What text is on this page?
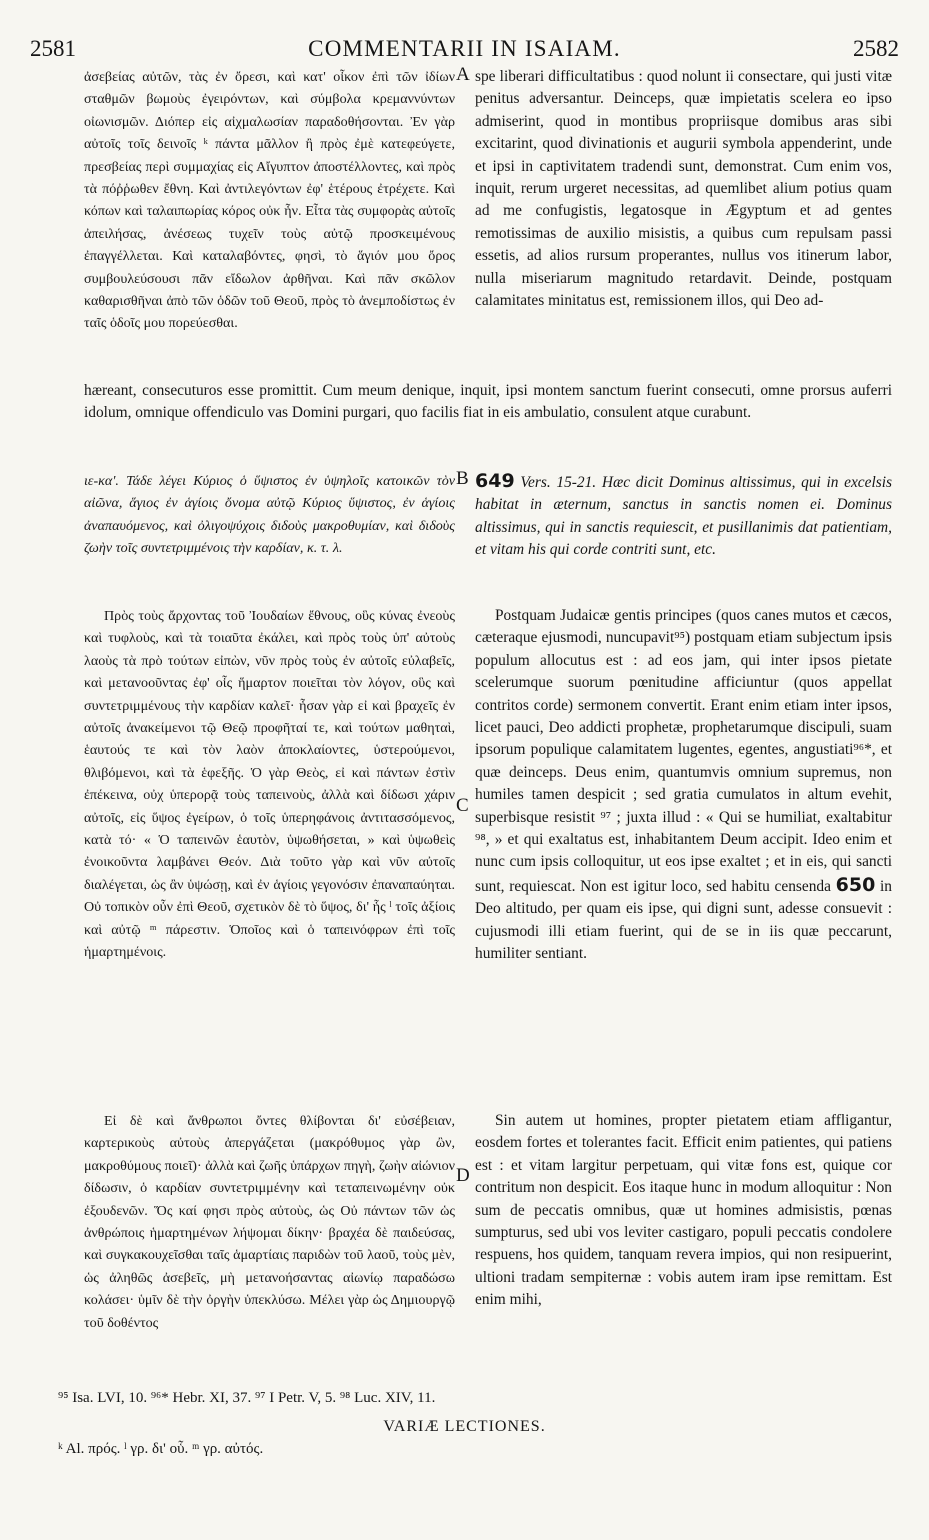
2581	COMMENTARII IN ISAIAM.	2582
A
B
C
D

ἀσεβείας αὐτῶν, τὰς ἐν ὄρεσι, καὶ κατ' οἶκον ἐπὶ τῶν ἰδίων σταθμῶν βωμοὺς ἐγειρόντων, καὶ σύμβολα κρεμαννύντων οἰωνισμῶν. Διόπερ εἰς αἰχμαλωσίαν παραδοθήσονται. Ἐν γὰρ αὐτοῖς τοῖς δεινοῖς ᵏ πάντα μᾶλλον ἢ πρὸς ἐμὲ κατεφεύγετε, πρεσβείας περὶ συμμαχίας εἰς Αἴγυπτον ἀποστέλλοντες, καὶ πρὸς τὰ πόῤῥωθεν ἔθνη. Καὶ ἀντιλεγόντων ἐφ' ἑτέρους ἐτρέχετε. Καὶ κόπων καὶ ταλαιπωρίας κόρος οὐκ ἦν. Εἶτα τὰς συμφορὰς αὐτοῖς ἀπειλήσας, ἀνέσεως τυχεῖν τοὺς αὐτῷ προσκειμένους ἐπαγγέλλεται. Καὶ καταλαβόντες, φησὶ, τὸ ἅγιόν μου ὄρος συμβουλεύσουσι πᾶν εἴδωλον ἀρθῆναι. Καὶ πᾶν σκῶλον καθαρισθῆναι ἀπὸ τῶν ὁδῶν τοῦ Θεοῦ, πρὸς τὸ ἀνεμποδίστως ἐν ταῖς ὁδοῖς μου πορεύεσθαι.

spe liberari difficultatibus : quod nolunt ii consectare, qui justi vitæ penitus adversantur. Deinceps, quæ impietatis scelera eo ipso admiserint, quod in montibus propriisque domibus aras sibi excitarint, quod divinationis et augurii symbola appenderint, unde et ipsi in captivitatem tradendi sunt, demonstrat. Cum enim vos, inquit, rerum urgeret necessitas, ad quemlibet alium potius quam ad me confugistis, legatosque in Ægyptum et ad gentes remotissimas de auxilio misistis, a quibus cum repulsam passi essetis, ad alios rursum properantes, nullus vos itinerum labor, nulla miseriarum magnitudo retardavit. Deinde, postquam calamitates minitatus est, remissionem illos, qui Deo ad-

hæreant, consecuturos esse promittit. Cum meum denique, inquit, ipsi montem sanctum fuerint consecuti, omne prorsus auferri idolum, omnique offendiculo vas Domini purgari, quo facilis fiat in eis ambulatio, consulent atque curabunt.

ιε-κα'. Τάδε λέγει Κύριος ὁ ὕψιστος ἐν ὑψηλοῖς κατοικῶν τὸν αἰῶνα, ἅγιος ἐν ἁγίοις ὄνομα αὐτῷ Κύριος ὕψιστος, ἐν ἁγίοις ἀναπαυόμενος, καὶ ὀλιγοψύχοις διδοὺς μακροθυμίαν, καὶ διδοὺς ζωὴν τοῖς συντετριμμένοις τὴν καρδίαν, κ. τ. λ.

649 Vers. 15-21. Hæc dicit Dominus altissimus, qui in excelsis habitat in æternum, sanctus in sanctis nomen ei. Dominus altissimus, qui in sanctis requiescit, et pusillanimis dat patientiam, et vitam his qui corde contriti sunt, etc.

Πρὸς τοὺς ἄρχοντας τοῦ Ἰουδαίων ἔθνους, οὓς κύνας ἐνεοὺς καὶ τυφλοὺς, καὶ τὰ τοιαῦτα ἐκάλει, καὶ πρὸς τοὺς ὑπ' αὐτοὺς λαοὺς τὰ πρὸ τούτων εἰπὼν, νῦν πρὸς τοὺς ἐν αὐτοῖς εὐλαβεῖς, καὶ μετανοοῦντας ἐφ' οἷς ἥμαρτον ποιεῖται τὸν λόγον, οὓς καὶ συντετριμμένους τὴν καρδίαν καλεῖ· ἦσαν γὰρ εἰ καὶ βραχεῖς ἐν αὐτοῖς ἀνακείμενοι τῷ Θεῷ προφῆταί τε, καὶ τούτων μαθηταὶ, ἑαυτούς τε καὶ τὸν λαὸν ἀποκλαίοντες, ὑστερούμενοι, θλιβόμενοι, καὶ τὰ ἑφεξῆς. Ὁ γὰρ Θεὸς, εἰ καὶ πάντων ἐστὶν ἐπέκεινα, οὐχ ὑπερορᾷ τοὺς ταπεινοὺς, ἀλλὰ καὶ δίδωσι χάριν αὐτοῖς, εἰς ὕψος ἐγείρων, ὁ τοῖς ὑπερηφάνοις ἀντιτασσόμενος, κατὰ τό· « Ὁ ταπεινῶν ἑαυτὸν, ὑψωθήσεται, » καὶ ὑψωθεὶς ἐνοικοῦντα λαμβάνει Θεόν. Διὰ τοῦτο γὰρ καὶ νῦν αὐτοῖς διαλέγεται, ὡς ἂν ὑψώσῃ, καὶ ἐν ἁγίοις γεγονόσιν ἐπαναπαύηται. Οὐ τοπικὸν οὖν ἐπὶ Θεοῦ, σχετικὸν δὲ τὸ ὕψος, δι' ἧς ˡ τοῖς ἀξίοις καὶ αὐτῷ ᵐ πάρεστιν. Ὁποῖος καὶ ὁ ταπεινόφρων ἐπὶ τοῖς ἡμαρτημένοις.

Postquam Judaicæ gentis principes (quos canes mutos et cæcos, cæteraque ejusmodi, nuncupavit⁹⁵) postquam etiam subjectum ipsis populum allocutus est : ad eos jam, qui inter ipsos pietate scelerumque suorum pœnitudine afficiuntur (quos appellat contritos corde) sermonem convertit. Erant enim etiam inter ipsos, licet pauci, Deo addicti prophetæ, prophetarumque discipuli, suam ipsorum populique calamitatem lugentes, egentes, angustiati⁹⁶*, et quæ deinceps. Deus enim, quantumvis omnium supremus, non humiles tamen despicit ; sed gratia cumulatos in altum evehit, superbisque resistit ⁹⁷ ; juxta illud : « Qui se humiliat, exaltabitur ⁹⁸, » et qui exaltatus est, inhabitantem Deum accipit. Ideo enim et nunc cum ipsis colloquitur, ut eos ipse exaltet ; et in eis, qui sancti sunt, requiescat. Non est igitur loco, sed habitu censenda 650 in Deo altitudo, per quam eis ipse, qui digni sunt, adesse consuevit : cujusmodi illi etiam fuerint, qui de se in iis quæ peccarunt, humiliter sentiant.

Εἰ δὲ καὶ ἄνθρωποι ὄντες θλίβονται δι' εὐσέβειαν, καρτερικοὺς αὐτοὺς ἀπεργάζεται (μακρόθυμος γὰρ ὢν, μακροθύμους ποιεῖ)· ἀλλὰ καὶ ζωῆς ὑπάρχων πηγὴ, ζωὴν αἰώνιον δίδωσιν, ὁ καρδίαν συντετριμμένην καὶ τεταπεινωμένην οὐκ ἐξουδενῶν. Ὅς καί φησι πρὸς αὐτοὺς, ὡς Οὐ πάντων τῶν ὡς ἀνθρώποις ἡμαρτημένων λήψομαι δίκην· βραχέα δὲ παιδεύσας, καὶ συγκακουχεῖσθαι ταῖς ἁμαρτίαις παριδὼν τοῦ λαοῦ, τοὺς μὲν, ὡς ἀληθῶς ἀσεβεῖς, μὴ μετανοήσαντας αἰωνίῳ παραδώσω κολάσει· ὑμῖν δὲ τὴν ὀργὴν ὑπεκλύσω. Μέλει γὰρ ὡς Δημιουργῷ τοῦ δοθέντος

Sin autem ut homines, propter pietatem etiam affligantur, eosdem fortes et tolerantes facit. Efficit enim patientes, qui patiens est : et vitam largitur perpetuam, qui vitæ fons est, quique cor contritum non despicit. Eos itaque hunc in modum alloquitur : Non sum de peccatis omnibus, quæ ut homines admisistis, pœnas sumpturus, sed ubi vos leviter castigaro, populi peccatis condolere respuens, hos quidem, tanquam revera impios, qui non resipuerint, ultioni tradam sempiternæ : vobis autem iram ipse remittam. Est enim mihi,

⁹⁵ Isa. LVI, 10. ⁹⁶* Hebr. XI, 37. ⁹⁷ I Petr. V, 5. ⁹⁸ Luc. XIV, 11.
VARIÆ LECTIONES.
ᵏ Al. πρός. ˡ γρ. δι' οὗ. ᵐ γρ. αὐτός.
